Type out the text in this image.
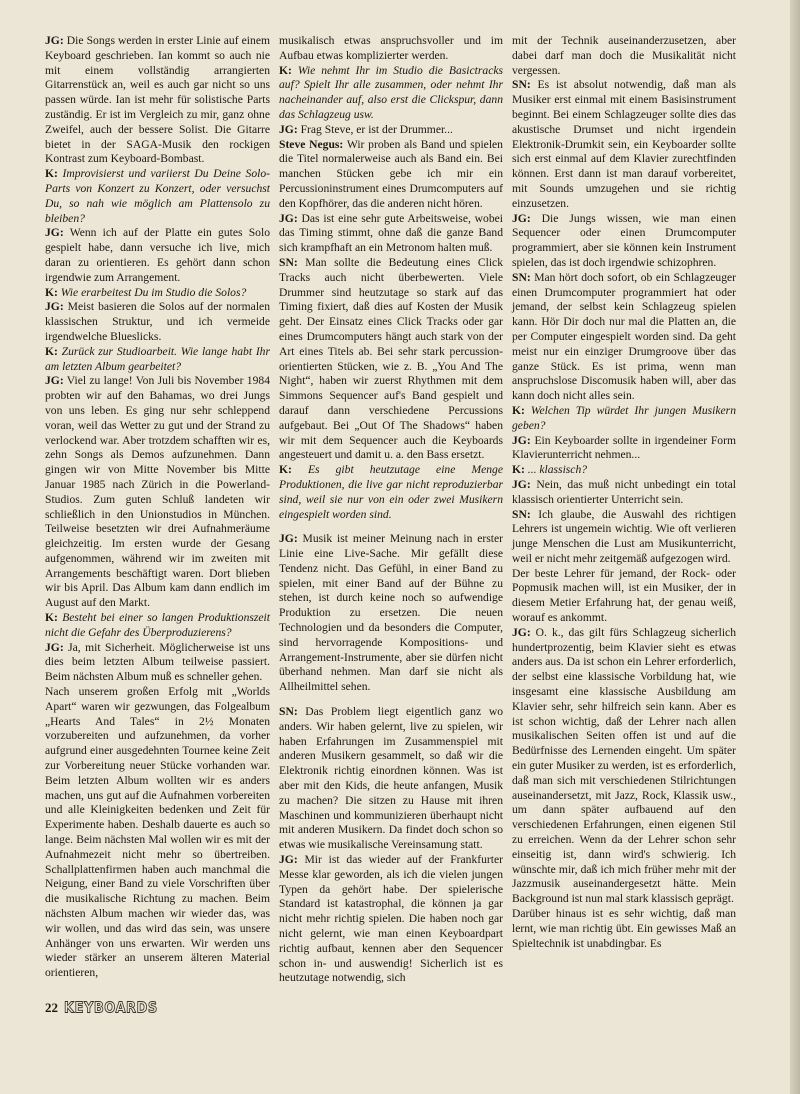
JG: Die Songs werden in erster Linie auf einem Keyboard geschrieben. Ian kommt so auch nie mit einem vollständig arrangierten Gitarrenstück an, weil es auch gar nicht so uns passen würde. Ian ist mehr für solistische Parts zuständig. Er ist im Vergleich zu mir, ganz ohne Zweifel, auch der bessere Solist. Die Gitarre bietet in der SAGA-Musik den rockigen Kontrast zum Keyboard-Bombast.

K: Improvisierst und variierst Du Deine Solo-Parts von Konzert zu Konzert, oder versuchst Du, so nah wie möglich am Plattensolo zu bleiben?

JG: Wenn ich auf der Platte ein gutes Solo gespielt habe, dann versuche ich live, mich daran zu orientieren. Es gehört dann schon irgendwie zum Arrangement.

K: Wie erarbeitest Du im Studio die Solos?

JG: Meist basieren die Solos auf der normalen klassischen Struktur, und ich vermeide irgendwelche Blueslicks.

K: Zurück zur Studioarbeit. Wie lange habt Ihr am letzten Album gearbeitet?

JG: Viel zu lange! Von Juli bis November 1984 probten wir auf den Bahamas, wo drei Jungs von uns leben. Es ging nur sehr schleppend voran, weil das Wetter zu gut und der Strand zu verlockend war. Aber trotzdem schafften wir es, zehn Songs als Demos aufzunehmen. Dann gingen wir von Mitte November bis Mitte Januar 1985 nach Zürich in die Powerland-Studios. Zum guten Schluß landeten wir schließlich in den Unionstudios in München. Teilweise besetzten wir drei Aufnahmeräume gleichzeitig. Im ersten wurde der Gesang aufgenommen, während wir im zweiten mit Arrangements beschäftigt waren. Dort blieben wir bis April. Das Album kam dann endlich im August auf den Markt.

K: Besteht bei einer so langen Produktionszeit nicht die Gefahr des Überproduzierens?

JG: Ja, mit Sicherheit. Möglicherweise ist uns dies beim letzten Album teilweise passiert. Beim nächsten Album muß es schneller gehen.

Nach unserem großen Erfolg mit „Worlds Apart“ waren wir gezwungen, das Folgealbum „Hearts And Tales“ in 2½ Monaten vorzubereiten und aufzunehmen, da vorher aufgrund einer ausgedehnten Tournee keine Zeit zur Vorbereitung neuer Stücke vorhanden war. Beim letzten Album wollten wir es anders machen, uns gut auf die Aufnahmen vorbereiten und alle Kleinigkeiten bedenken und Zeit für Experimente haben. Deshalb dauerte es auch so lange. Beim nächsten Mal wollen wir es mit der Aufnahmezeit nicht mehr so übertreiben. Schallplattenfirmen haben auch manchmal die Neigung, einer Band zu viele Vorschriften über die musikalische Richtung zu machen. Beim nächsten Album machen wir wieder das, was wir wollen, und das wird das sein, was unsere Anhänger von uns erwarten. Wir werden uns wieder stärker an unserem älteren Material orientieren,

musikalisch etwas anspruchsvoller und im Aufbau etwas komplizierter werden.

K: Wie nehmt Ihr im Studio die Basictracks auf? Spielt Ihr alle zusammen, oder nehmt Ihr nacheinander auf, also erst die Clickspur, dann das Schlagzeug usw.

JG: Frag Steve, er ist der Drummer...

Steve Negus: Wir proben als Band und spielen die Titel normalerweise auch als Band ein. Bei manchen Stücken gebe ich mir ein Percussioninstrument eines Drumcomputers auf den Kopfhörer, das die anderen nicht hören.

JG: Das ist eine sehr gute Arbeitsweise, wobei das Timing stimmt, ohne daß die ganze Band sich krampfhaft an ein Metronom halten muß.

SN: Man sollte die Bedeutung eines Click Tracks auch nicht überbewerten. Viele Drummer sind heutzutage so stark auf das Timing fixiert, daß dies auf Kosten der Musik geht. Der Einsatz eines Click Tracks oder gar eines Drumcomputers hängt auch stark von der Art eines Titels ab. Bei sehr stark percussion-orientierten Stücken, wie z. B. „You And The Night“, haben wir zuerst Rhythmen mit dem Simmons Sequencer auf's Band gespielt und darauf dann verschiedene Percussions aufgebaut. Bei „Out Of The Shadows“ haben wir mit dem Sequencer auch die Keyboards angesteuert und damit u. a. den Bass ersetzt.

K: Es gibt heutzutage eine Menge Produktionen, die live gar nicht reproduzierbar sind, weil sie nur von ein oder zwei Musikern eingespielt worden sind.

JG: Musik ist meiner Meinung nach in erster Linie eine Live-Sache. Mir gefällt diese Tendenz nicht. Das Gefühl, in einer Band zu spielen, mit einer Band auf der Bühne zu stehen, ist durch keine noch so aufwendige Produktion zu ersetzen. Die neuen Technologien und da besonders die Computer, sind hervorragende Kompositions- und Arrangement-Instrumente, aber sie dürfen nicht überhand nehmen. Man darf sie nicht als Allheilmittel sehen.

SN: Das Problem liegt eigentlich ganz wo anders. Wir haben gelernt, live zu spielen, wir haben Erfahrungen im Zusammenspiel mit anderen Musikern gesammelt, so daß wir die Elektronik richtig einordnen können. Was ist aber mit den Kids, die heute anfangen, Musik zu machen? Die sitzen zu Hause mit ihren Maschinen und kommunizieren überhaupt nicht mit anderen Musikern. Da findet doch schon so etwas wie musikalische Vereinsamung statt.

JG: Mir ist das wieder auf der Frankfurter Messe klar geworden, als ich die vielen jungen Typen da gehört habe. Der spielerische Standard ist katastrophal, die können ja gar nicht mehr richtig spielen. Die haben noch gar nicht gelernt, wie man einen Keyboardpart richtig aufbaut, kennen aber den Sequencer schon in- und auswendig! Sicherlich ist es heutzutage notwendig, sich

mit der Technik auseinanderzusetzen, aber dabei darf man doch die Musikalität nicht vergessen.

SN: Es ist absolut notwendig, daß man als Musiker erst einmal mit einem Basisinstrument beginnt. Bei einem Schlagzeuger sollte dies das akustische Drumset und nicht irgendein Elektronik-Drumkit sein, ein Keyboarder sollte sich erst einmal auf dem Klavier zurechtfinden können. Erst dann ist man darauf vorbereitet, mit Sounds umzugehen und sie richtig einzusetzen.

JG: Die Jungs wissen, wie man einen Sequencer oder einen Drumcomputer programmiert, aber sie können kein Instrument spielen, das ist doch irgendwie schizophren.

SN: Man hört doch sofort, ob ein Schlagzeuger einen Drumcomputer programmiert hat oder jemand, der selbst kein Schlagzeug spielen kann. Hör Dir doch nur mal die Platten an, die per Computer eingespielt worden sind. Da geht meist nur ein einziger Drumgroove über das ganze Stück. Es ist prima, wenn man anspruchslose Discomusik haben will, aber das kann doch nicht alles sein.

K: Welchen Tip würdet Ihr jungen Musikern geben?

JG: Ein Keyboarder sollte in irgendeiner Form Klavierunterricht nehmen...

K: ... klassisch?

JG: Nein, das muß nicht unbedingt ein total klassisch orientierter Unterricht sein.

SN: Ich glaube, die Auswahl des richtigen Lehrers ist ungemein wichtig. Wie oft verlieren junge Menschen die Lust am Musikunterricht, weil er nicht mehr zeitgemäß aufgezogen wird.

Der beste Lehrer für jemand, der Rock- oder Popmusik machen will, ist ein Musiker, der in diesem Metier Erfahrung hat, der genau weiß, worauf es ankommt.

JG: O. k., das gilt fürs Schlagzeug sicherlich hundertprozentig, beim Klavier sieht es etwas anders aus. Da ist schon ein Lehrer erforderlich, der selbst eine klassische Vorbildung hat, wie insgesamt eine klassische Ausbildung am Klavier sehr, sehr hilfreich sein kann. Aber es ist schon wichtig, daß der Lehrer nach allen musikalischen Seiten offen ist und auf die Bedürfnisse des Lernenden eingeht. Um später ein guter Musiker zu werden, ist es erforderlich, daß man sich mit verschiedenen Stilrichtungen auseinandersetzt, mit Jazz, Rock, Klassik usw., um dann später aufbauend auf den verschiedenen Erfahrungen, einen eigenen Stil zu erreichen. Wenn da der Lehrer schon sehr einseitig ist, dann wird's schwierig. Ich wünschte mir, daß ich mich früher mehr mit der Jazzmusik auseinandergesetzt hätte. Mein Background ist nun mal stark klassisch geprägt.

Darüber hinaus ist es sehr wichtig, daß man lernt, wie man richtig übt. Ein gewisses Maß an Spieltechnik ist unabdingbar. Es

22 KEYBOARDS
